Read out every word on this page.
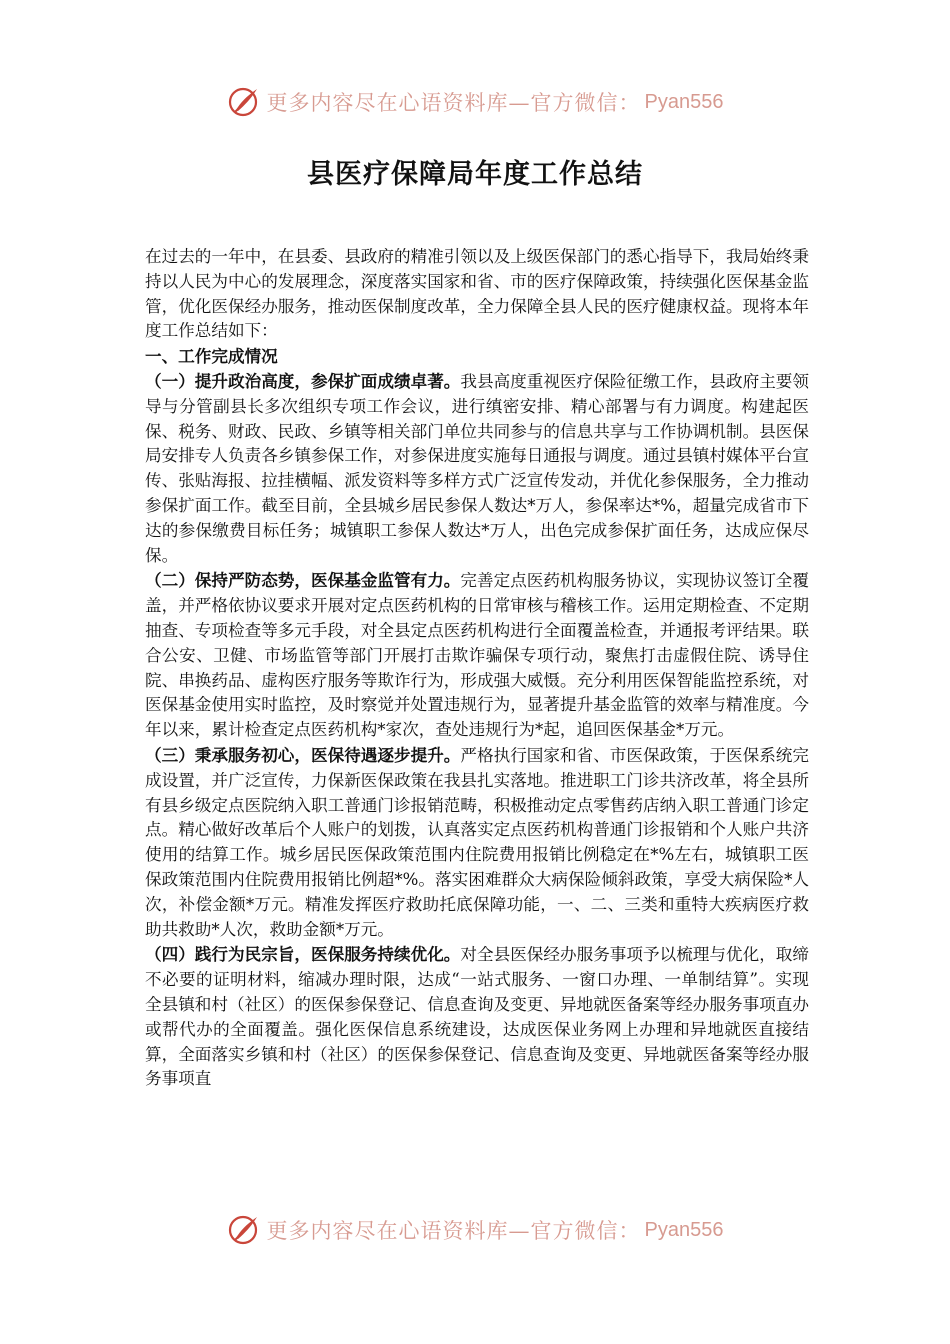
更多内容尽在心语资料库—官方微信： Pyan556
县医疗保障局年度工作总结

在过去的一年中，在县委、县政府的精准引领以及上级医保部门的悉心指导下，我局始终秉持以人民为中心的发展理念，深度落实国家和省、市的医疗保障政策，持续强化医保基金监管，优化医保经办服务，推动医保制度改革，全力保障全县人民的医疗健康权益。现将本年度工作总结如下：

一、工作完成情况

（一）提升政治高度，参保扩面成绩卓著。我县高度重视医疗保险征缴工作，县政府主要领导与分管副县长多次组织专项工作会议，进行缜密安排、精心部署与有力调度。构建起医保、税务、财政、民政、乡镇等相关部门单位共同参与的信息共享与工作协调机制。县医保局安排专人负责各乡镇参保工作，对参保进度实施每日通报与调度。通过县镇村媒体平台宣传、张贴海报、拉挂横幅、派发资料等多样方式广泛宣传发动，并优化参保服务，全力推动参保扩面工作。截至目前，全县城乡居民参保人数达*万人，参保率达*%，超量完成省市下达的参保缴费目标任务；城镇职工参保人数达*万人，出色完成参保扩面任务，达成应保尽保。

（二）保持严防态势，医保基金监管有力。完善定点医药机构服务协议，实现协议签订全覆盖，并严格依协议要求开展对定点医药机构的日常审核与稽核工作。运用定期检查、不定期抽查、专项检查等多元手段，对全县定点医药机构进行全面覆盖检查，并通报考评结果。联合公安、卫健、市场监管等部门开展打击欺诈骗保专项行动，聚焦打击虚假住院、诱导住院、串换药品、虚构医疗服务等欺诈行为，形成强大威慑。充分利用医保智能监控系统，对医保基金使用实时监控，及时察觉并处置违规行为，显著提升基金监管的效率与精准度。今年以来，累计检查定点医药机构*家次，查处违规行为*起，追回医保基金*万元。

（三）秉承服务初心，医保待遇逐步提升。严格执行国家和省、市医保政策，于医保系统完成设置，并广泛宣传，力保新医保政策在我县扎实落地。推进职工门诊共济改革，将全县所有县乡级定点医院纳入职工普通门诊报销范畴，积极推动定点零售药店纳入职工普通门诊定点。精心做好改革后个人账户的划拨，认真落实定点医药机构普通门诊报销和个人账户共济使用的结算工作。城乡居民医保政策范围内住院费用报销比例稳定在*%左右，城镇职工医保政策范围内住院费用报销比例超*%。落实困难群众大病保险倾斜政策，享受大病保险*人次，补偿金额*万元。精准发挥医疗救助托底保障功能，一、二、三类和重特大疾病医疗救助共救助*人次，救助金额*万元。

（四）践行为民宗旨，医保服务持续优化。对全县医保经办服务事项予以梳理与优化，取缔不必要的证明材料，缩减办理时限，达成“一站式服务、一窗口办理、一单制结算”。实现全县镇和村（社区）的医保参保登记、信息查询及变更、异地就医备案等经办服务事项直办或帮代办的全面覆盖。强化医保信息系统建设，达成医保业务网上办理和异地就医直接结算，全面落实乡镇和村（社区）的医保参保登记、信息查询及变更、异地就医备案等经办服务事项直

更多内容尽在心语资料库—官方微信： Pyan556
